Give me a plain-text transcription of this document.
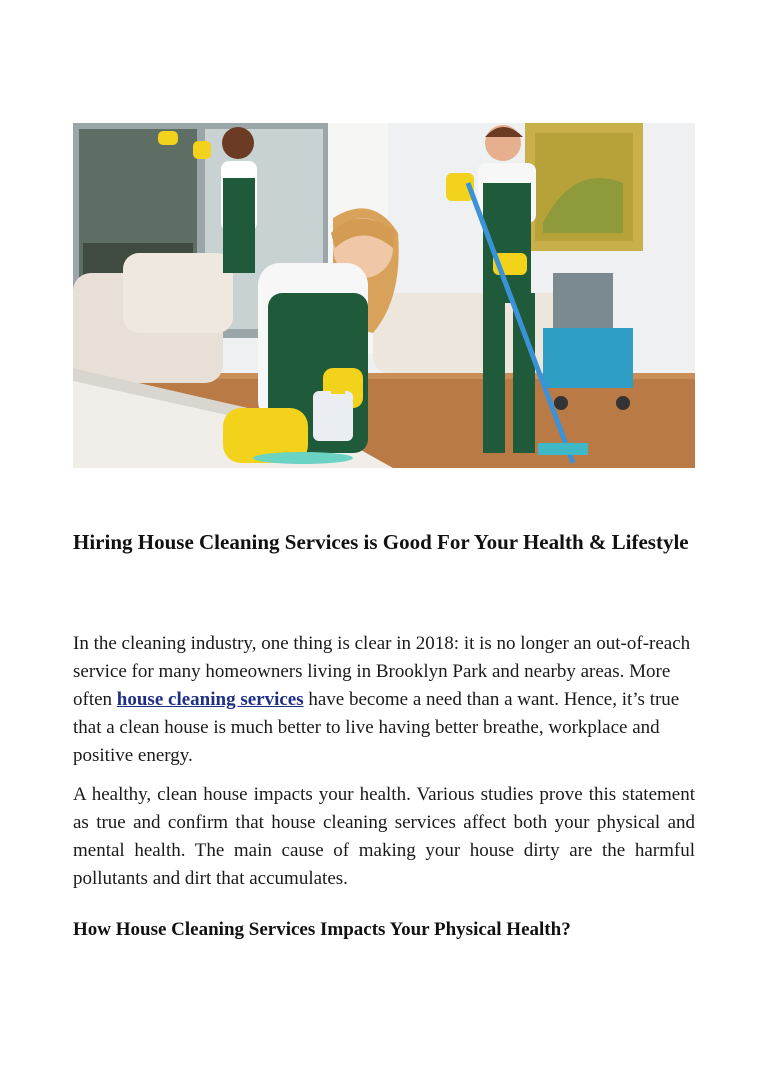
Hiring House Cleaning Services is Good For Your Health & Lifestyle

In the cleaning industry, one thing is clear in 2018: it is no longer an out-of-reach service for many homeowners living in Brooklyn Park and nearby areas. More often house cleaning services have become a need than a want. Hence, it’s true that a clean house is much better to live having better breathe, workplace and positive energy.

A healthy, clean house impacts your health. Various studies prove this statement as true and confirm that house cleaning services affect both your physical and mental health. The main cause of making your house dirty are the harmful pollutants and dirt that accumulates.

How House Cleaning Services Impacts Your Physical Health?
